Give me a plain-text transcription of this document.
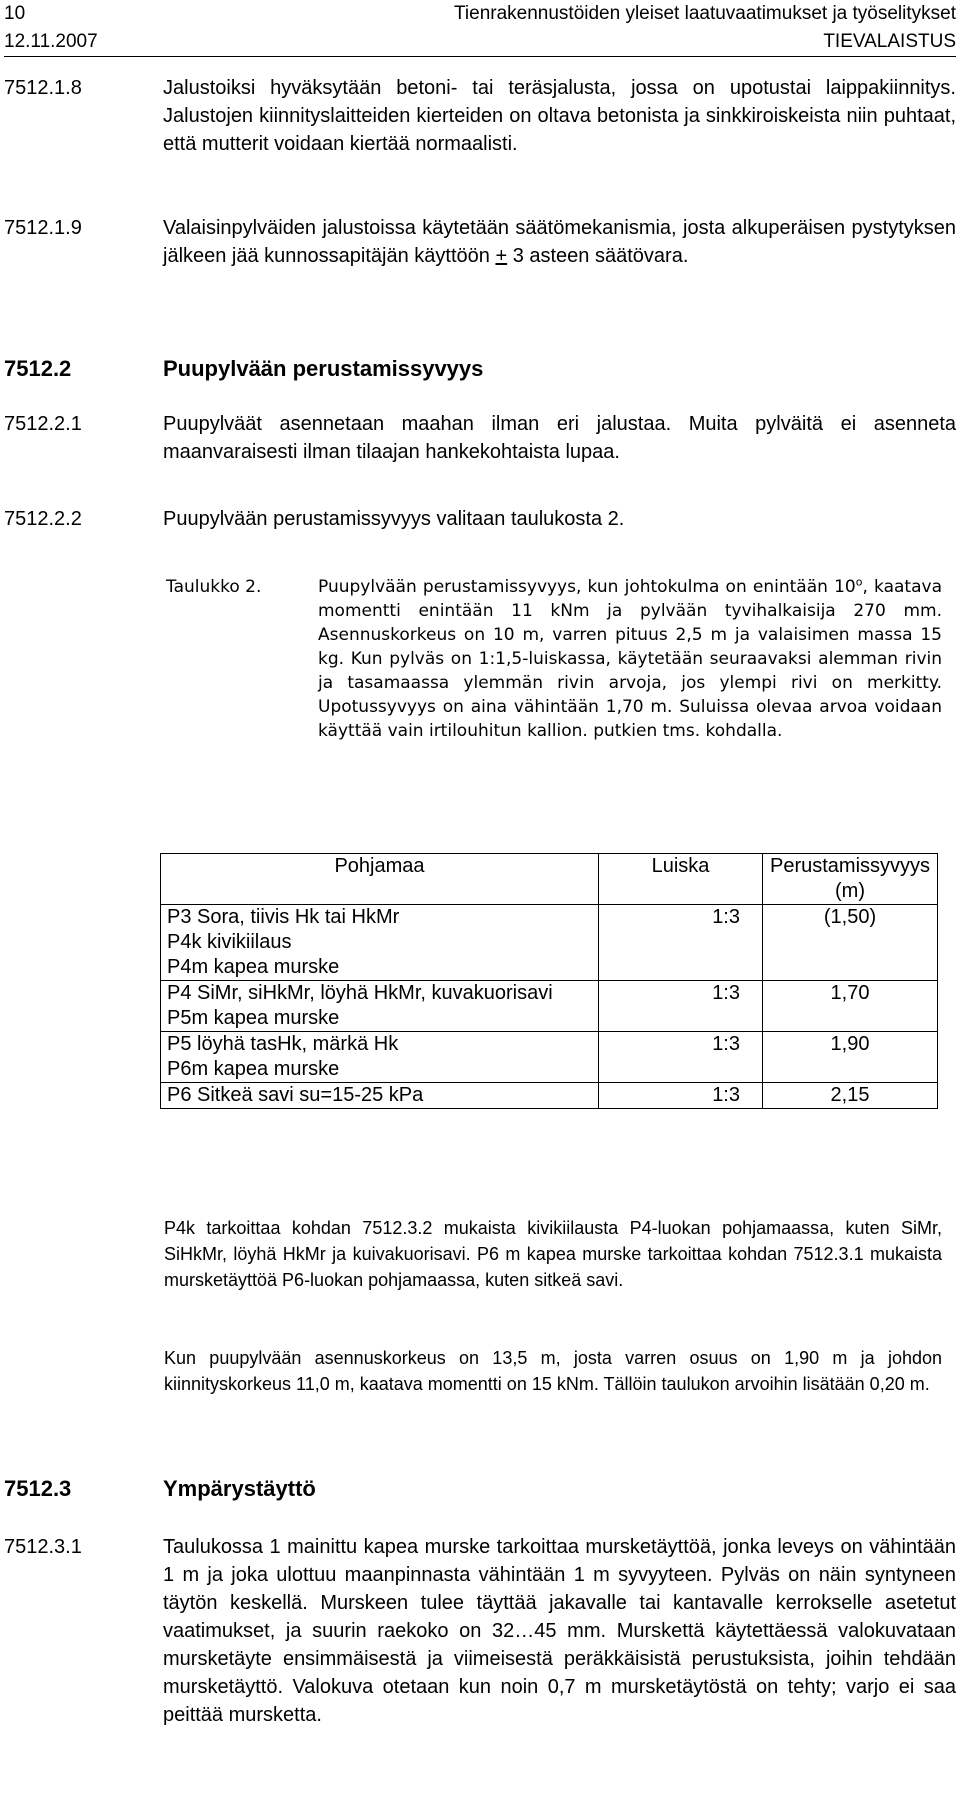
10
12.11.2007
Tienrakennustöiden yleiset laatuvaatimukset ja työselitykset
TIEVALAISTUS
7512.1.8	Jalustoiksi hyväksytään betoni- tai teräsjalusta, jossa on upotustai laippakiinnitys. Jalustojen kiinnityslaitteiden kierteiden on oltava betonista ja sinkkiroiskeista niin puhtaat, että mutterit voidaan kiertää normaalisti.
7512.1.9	Valaisinpylväiden jalustoissa käytetään säätömekanismia, josta alkuperäisen pystytyksen jälkeen jää kunnossapitäjän käyttöön + 3 asteen säätövara.
7512.2	Puupylvään perustamissyvyys
7512.2.1	Puupylväät asennetaan maahan ilman eri jalustaa. Muita pylväitä ei asenneta maanvaraisesti ilman tilaajan hankekohtaista lupaa.
7512.2.2	Puupylvään perustamissyvyys valitaan taulukosta 2.
Taulukko 2.	Puupylvään perustamissyvyys, kun johtokulma on enintään 10$^o$, kaatava momentti enintään 11 kNm ja pylvään tyvihalkaisija 270 mm. Asennuskorkeus on 10 m, varren pituus 2,5 m ja valaisimen massa 15 kg. Kun pylväs on 1:1,5-luiskassa, käytetään seuraavaksi alemman rivin ja tasamaassa ylemmän rivin arvoja, jos ylempi rivi on merkitty. Upotussyvyys on aina vähintään 1,70 m. Suluissa olevaa arvoa voidaan käyttää vain irtilouhitun kallion. putkien tms. kohdalla.
Pohjamaa	Luiska	Perustamissyvyys (m)

P3 Sora, tiivis Hk tai HkMr
P4k kivikiilaus
P4m kapea murske	1:3	(1,50)

P4 SiMr, siHkMr, löyhä HkMr, kuvakuorisavi
P5m kapea murske	1:3	1,70

P5 löyhä tasHk, märkä Hk
P6m kapea murske	1:3	1,90

P6 Sitkeä savi su=15-25 kPa	1:3	2,15
P4k tarkoittaa kohdan 7512.3.2 mukaista kivikiilausta P4-luokan pohjamaassa, kuten SiMr, SiHkMr, löyhä HkMr ja kuivakuorisavi. P6 m kapea murske tarkoittaa kohdan 7512.3.1 mukaista mursketäyttöä P6-luokan pohjamaassa, kuten sitkeä savi.
Kun puupylvään asennuskorkeus on 13,5 m, josta varren osuus on 1,90 m ja johdon kiinnityskorkeus 11,0 m, kaatava momentti on 15 kNm. Tällöin taulukon arvoihin lisätään 0,20 m.
7512.3	Ympärystäyttö
7512.3.1	Taulukossa 1 mainittu kapea murske tarkoittaa mursketäyttöä, jonka leveys on vähintään 1 m ja joka ulottuu maanpinnasta vähintään 1 m syvyyteen. Pylväs on näin syntyneen täytön keskellä. Murskeen tulee täyttää jakavalle tai kantavalle kerrokselle asetetut vaatimukset, ja suurin raekoko on 32…45 mm. Murskettä käytettäessä valokuvataan mursketäyte ensimmäisestä ja viimeisestä peräkkäisistä perustuksista, joihin tehdään mursketäyttö. Valokuva otetaan kun noin 0,7 m mursketäytöstä on tehty; varjo ei saa peittää mursketta.
